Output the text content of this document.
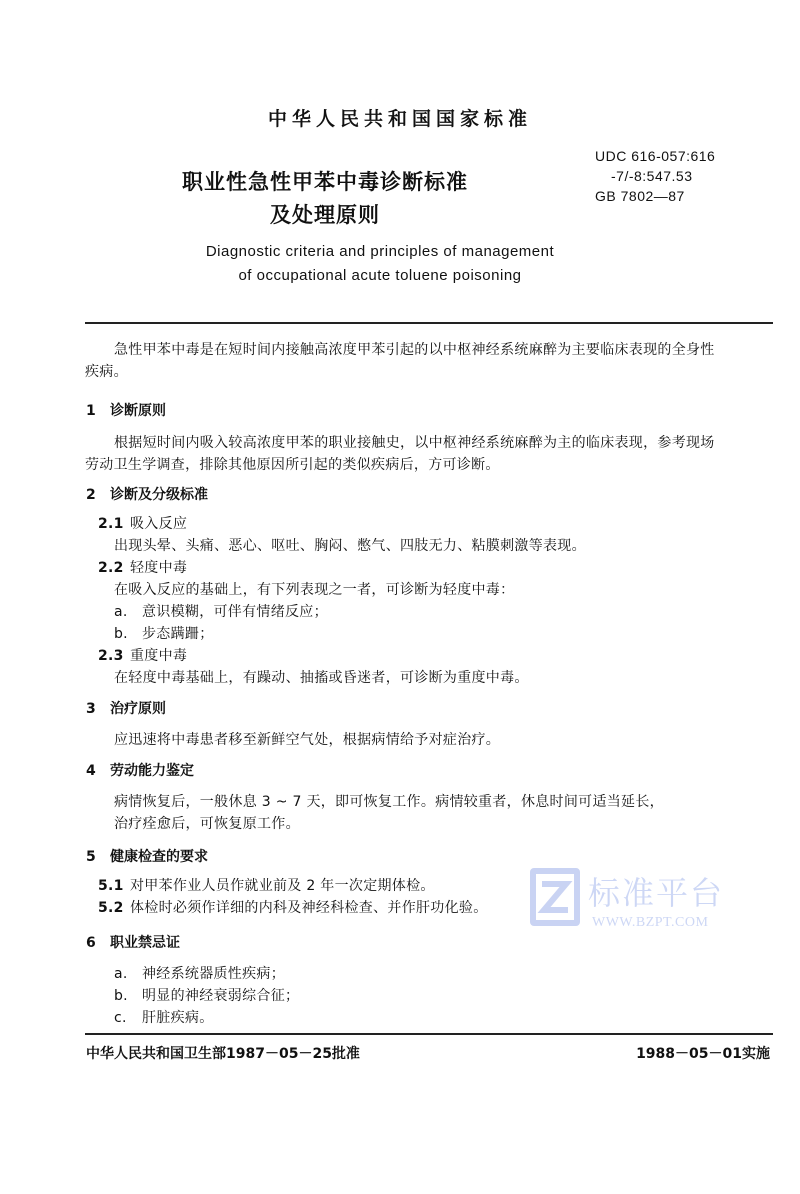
中华人民共和国国家标准
职业性急性甲苯中毒诊断标准
及处理原则
UDC 616-057:616
-7/-8:547.53
GB 7802—87
Diagnostic criteria and principles of management
of occupational acute toluene poisoning
急性甲苯中毒是在短时间内接触高浓度甲苯引起的以中枢神经系统麻醉为主要临床表现的全身性
疾病。
1 诊断原则
根据短时间内吸入较高浓度甲苯的职业接触史，以中枢神经系统麻醉为主的临床表现，参考现场
劳动卫生学调查，排除其他原因所引起的类似疾病后，方可诊断。
2 诊断及分级标准
2.1 吸入反应
出现头晕、头痛、恶心、呕吐、胸闷、憋气、四肢无力、粘膜刺激等表现。
2.2 轻度中毒
在吸入反应的基础上，有下列表现之一者，可诊断为轻度中毒：
a. 意识模糊，可伴有情绪反应；
b. 步态蹒跚；
2.3 重度中毒
在轻度中毒基础上，有躁动、抽搐或昏迷者，可诊断为重度中毒。
3 治疗原则
应迅速将中毒患者移至新鲜空气处，根据病情给予对症治疗。
4 劳动能力鉴定
病情恢复后，一般休息 3 ~ 7 天，即可恢复工作。病情较重者，休息时间可适当延长，
治疗痊愈后，可恢复原工作。
5 健康检查的要求
5.1 对甲苯作业人员作就业前及 2 年一次定期体检。
5.2 体检时必须作详细的内科及神经科检查、并作肝功化验。
6 职业禁忌证
a. 神经系统器质性疾病；
b. 明显的神经衰弱综合征；
c. 肝脏疾病。
标准平台
WWW.BZPT.COM
中华人民共和国卫生部1987－05－25批准	1988－05－01实施
